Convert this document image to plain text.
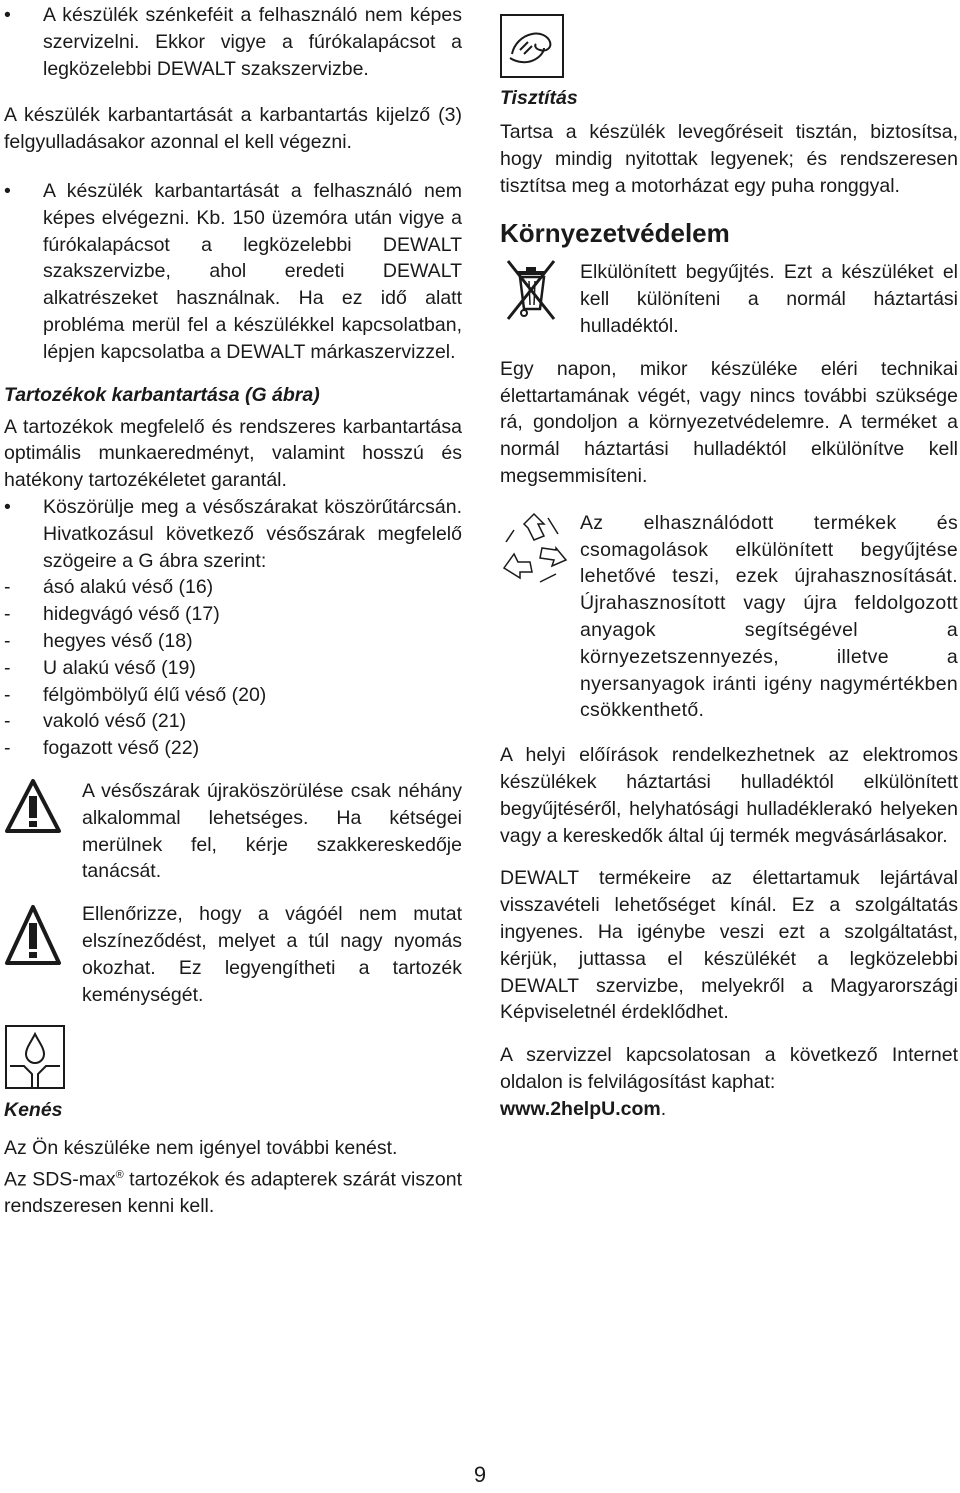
• A készülék szénkeféit a felhasználó nem képes szervizelni. Ekkor vigye a fúrókalapácsot a legközelebbi DEWALT szakszervizbe.

A készülék karbantartását a karbantartás kijelző (3) felgyulladásakor azonnal el kell végezni.

• A készülék karbantartását a felhasználó nem képes elvégezni. Kb. 150 üzemóra után vigye a fúrókalapácsot a legközelebbi DEWALT szakszervizbe, ahol eredeti DEWALT alkatrészeket használnak. Ha ez idő alatt probléma merül fel a készülékkel kapcsolatban, lépjen kapcsolatba a DEWALT márkaszervizzel.

Tartozékok karbantartása (G ábra)

A tartozékok megfelelő és rendszeres karbantartása optimális munkaeredményt, valamint hosszú és hatékony tartozékéletet garantál.

• Köszörülje meg a vésőszárakat köszörűtárcsán. Hivatkozásul következő vésőszárak megfelelő szögeire a G ábra szerint:

- ásó alakú véső (16)
- hidegvágó véső (17)
- hegyes véső (18)
- U alakú véső (19)
- félgömbölyű élű véső (20)
- vakoló véső (21)
- fogazott véső (22)

A vésőszárak újraköszörülése csak néhány alkalommal lehetséges. Ha kétségei merülnek fel, kérje szakkereskedője tanácsát.

Ellenőrizze, hogy a vágóél nem mutat elszíneződést, melyet a túl nagy nyomás okozhat. Ez legyengítheti a tartozék keménységét.

Kenés

Az Ön készüléke nem igényel további kenést.

Az SDS-max® tartozékok és adapterek szárát viszont rendszeresen kenni kell.

Tisztítás

Tartsa a készülék levegőréseit tisztán, biztosítsa, hogy mindig nyitottak legyenek; és rendszeresen tisztítsa meg a motorházat egy puha ronggyal.

Környezetvédelem

Elkülönített begyűjtés. Ezt a készüléket el kell különíteni a normál háztartási hulladéktól.

Egy napon, mikor készüléke eléri technikai élettartamának végét, vagy nincs további szüksége rá, gondoljon a környezetvédelemre. A terméket a normál háztartási hulladéktól elkülönítve kell megsemmisíteni.

Az elhasználódott termékek és csomagolások elkülönített begyűjtése lehetővé teszi, ezek újrahasznosítását. Újrahasznosított vagy újra feldolgozott anyagok segítségével a környezetszennyezés, illetve a nyersanyagok iránti igény nagymértékben csökkenthető.

A helyi előírások rendelkezhetnek az elektromos készülékek háztartási hulladéktól elkülönített begyűjtéséről, helyhatósági hulladéklerakó helyeken vagy a kereskedők által új termék megvásárlásakor.

DEWALT termékeire az élettartamuk lejártával visszavételi lehetőséget kínál. Ez a szolgáltatás ingyenes. Ha igénybe veszi ezt a szolgáltatást, kérjük, juttassa el készülékét a legközelebbi DEWALT szervizbe, melyekről a Magyarországi Képviseletnél érdeklődhet.

A szervizzel kapcsolatosan a következő Internet oldalon is felvilágosítást kaphat:
www.2helpU.com.

9
